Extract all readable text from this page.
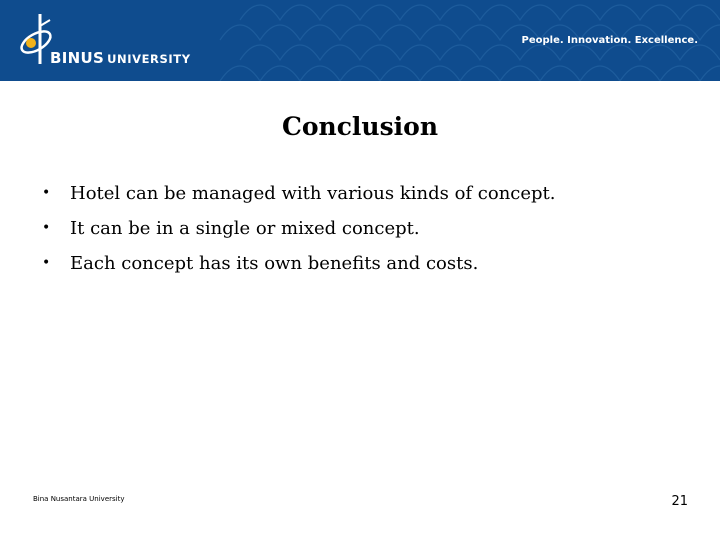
BINUS UNIVERSITY
People. Innovation. Excellence.
Conclusion
• Hotel can be managed with various kinds of concept.
• It can be in a single or mixed concept.
• Each concept has its own benefits and costs.
Bina Nusantara University	21
